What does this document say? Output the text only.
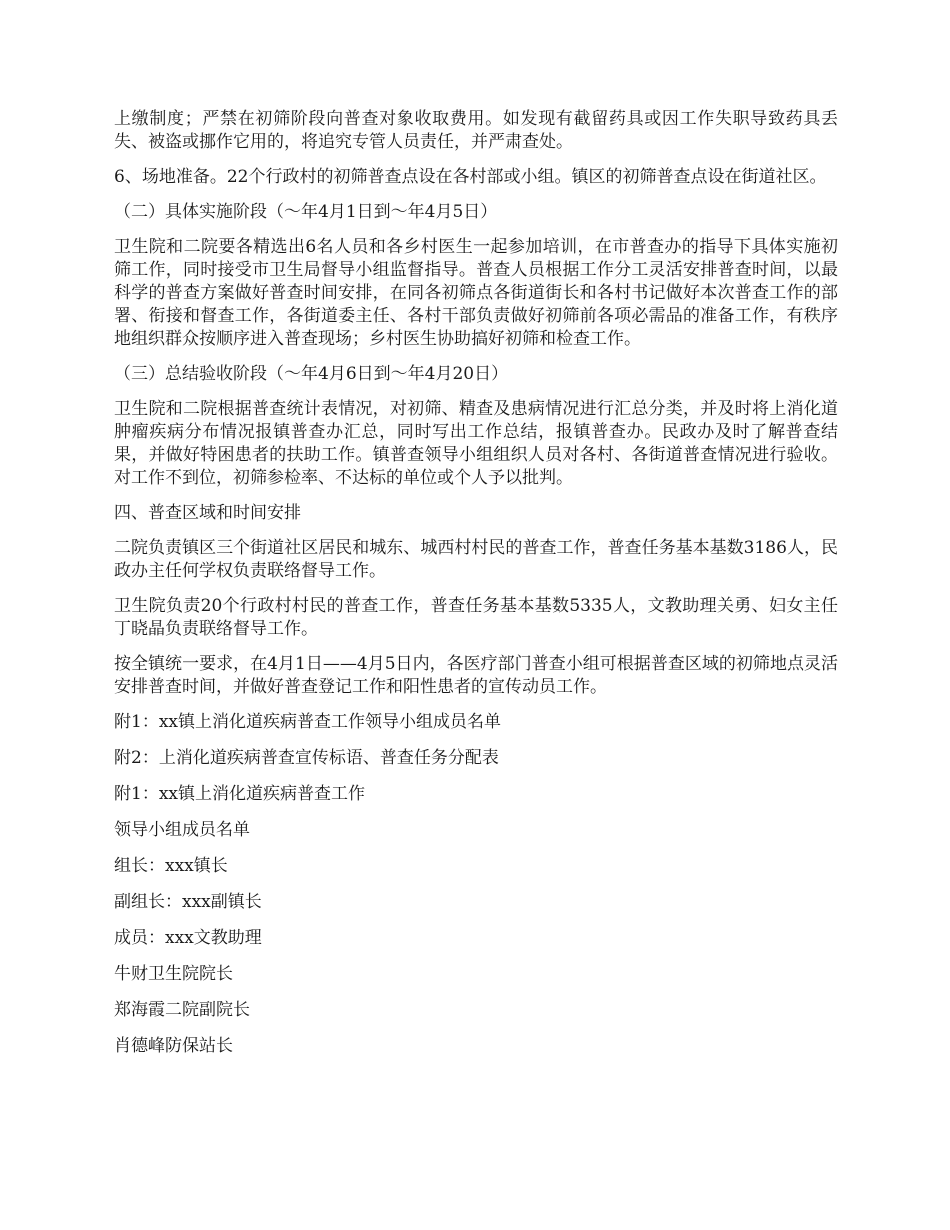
上缴制度；严禁在初筛阶段向普查对象收取费用。如发现有截留药具或因工作失职导致药具丢失、被盗或挪作它用的，将追究专管人员责任，并严肃查处。

6、场地准备。22个行政村的初筛普查点设在各村部或小组。镇区的初筛普查点设在街道社区。

（二）具体实施阶段（～年4月1日到～年4月5日）

卫生院和二院要各精选出6名人员和各乡村医生一起参加培训，在市普查办的指导下具体实施初筛工作，同时接受市卫生局督导小组监督指导。普查人员根据工作分工灵活安排普查时间，以最科学的普查方案做好普查时间安排，在同各初筛点各街道街长和各村书记做好本次普查工作的部署、衔接和督查工作，各街道委主任、各村干部负责做好初筛前各项必需品的准备工作，有秩序地组织群众按顺序进入普查现场；乡村医生协助搞好初筛和检查工作。

（三）总结验收阶段（～年4月6日到～年4月20日）

卫生院和二院根据普查统计表情况，对初筛、精查及患病情况进行汇总分类，并及时将上消化道肿瘤疾病分布情况报镇普查办汇总，同时写出工作总结，报镇普查办。民政办及时了解普查结果，并做好特困患者的扶助工作。镇普查领导小组组织人员对各村、各街道普查情况进行验收。对工作不到位，初筛参检率、不达标的单位或个人予以批判。

四、普查区域和时间安排

二院负责镇区三个街道社区居民和城东、城西村村民的普查工作，普查任务基本基数3186人，民政办主任何学权负责联络督导工作。

卫生院负责20个行政村村民的普查工作，普查任务基本基数5335人，文教助理关勇、妇女主任丁晓晶负责联络督导工作。

按全镇统一要求，在4月1日——4月5日内，各医疗部门普查小组可根据普查区域的初筛地点灵活安排普查时间，并做好普查登记工作和阳性患者的宣传动员工作。

附1：xx镇上消化道疾病普查工作领导小组成员名单

附2：上消化道疾病普查宣传标语、普查任务分配表

附1：xx镇上消化道疾病普查工作

领导小组成员名单

组长：xxx镇长

副组长：xxx副镇长

成员：xxx文教助理

牛财卫生院院长

郑海霞二院副院长

肖德峰防保站长
